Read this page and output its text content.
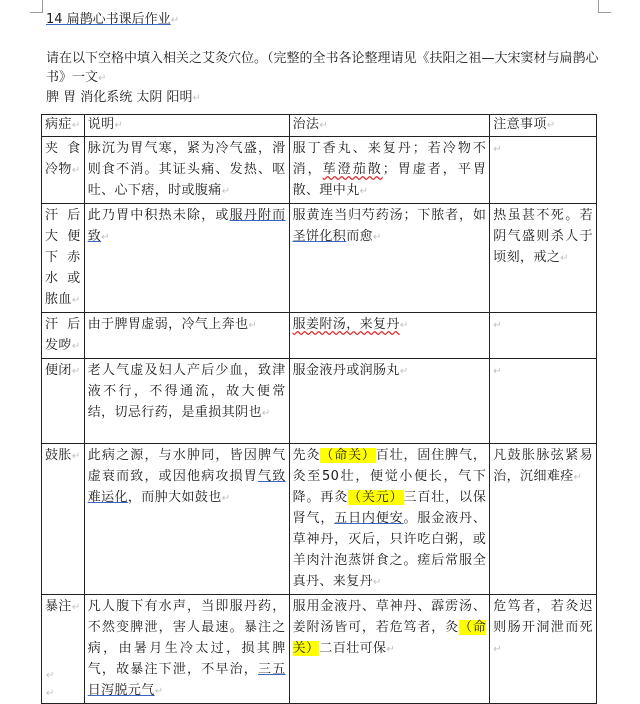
14 扁鹊心书课后作业↵
请在以下空格中填入相关之艾灸穴位。（完整的全书各论整理请见《扶阳之祖—大宋窦材与扁鹊心书》一文↵
脾 胃 消化系统 太阴 阳明↵
病症↵	说明↵	治法↵	注意事项↵
夹食冷物↵	脉沉为胃气寒，紧为冷气盛，滑则食不消。其证头痛、发热、呕吐、心下痞，时或腹痛↵	服丁香丸、来复丹；若冷物不消，荜澄茄散；胃虚者，平胃散、理中丸↵	↵
汗后大便下赤水或脓血↵	此乃胃中积热未除，或服丹附而致↵	服黄连当归芍药汤；下脓者，如圣饼化积而愈↵	热虽甚不死。若阴气盛则杀人于顷刻，戒之↵
汗后发哕↵	由于脾胃虚弱，冷气上奔也↵	服姜附汤，来复丹↵	↵
便闭↵	老人气虚及妇人产后少血，致津液不行，不得通流，故大便常结，切忌行药，是重损其阴也↵	服金液丹或润肠丸↵	↵
鼓胀↵	此病之源，与水肿同，皆因脾气虚衰而致，或因他病攻损胃气致难运化，而肿大如鼓也↵	先灸（命关）百壮，固住脾气，灸至50壮，便觉小便长，气下降。再灸（关元）三百壮，以保肾气，五日内便安。服金液丹、草神丹，灭后，只许吃白粥，或羊肉汁泡蒸饼食之。瘥后常服全真丹、来复丹↵	凡鼓胀脉弦紧易治，沉细难痊↵
暴注↵	凡人腹下有水声，当即服丹药，不然变脾泄，害人最速。暴注之病，由暑月生冷太过，损其脾气，故暴注下泄，不早治，三五日泻脱元气↵	服用金液丹、草神丹、霹雳汤、姜附汤皆可，若危笃者，灸（命关）二百壮可保↵	危笃者，若灸迟则肠开洞泄而死↵
↵
↵
